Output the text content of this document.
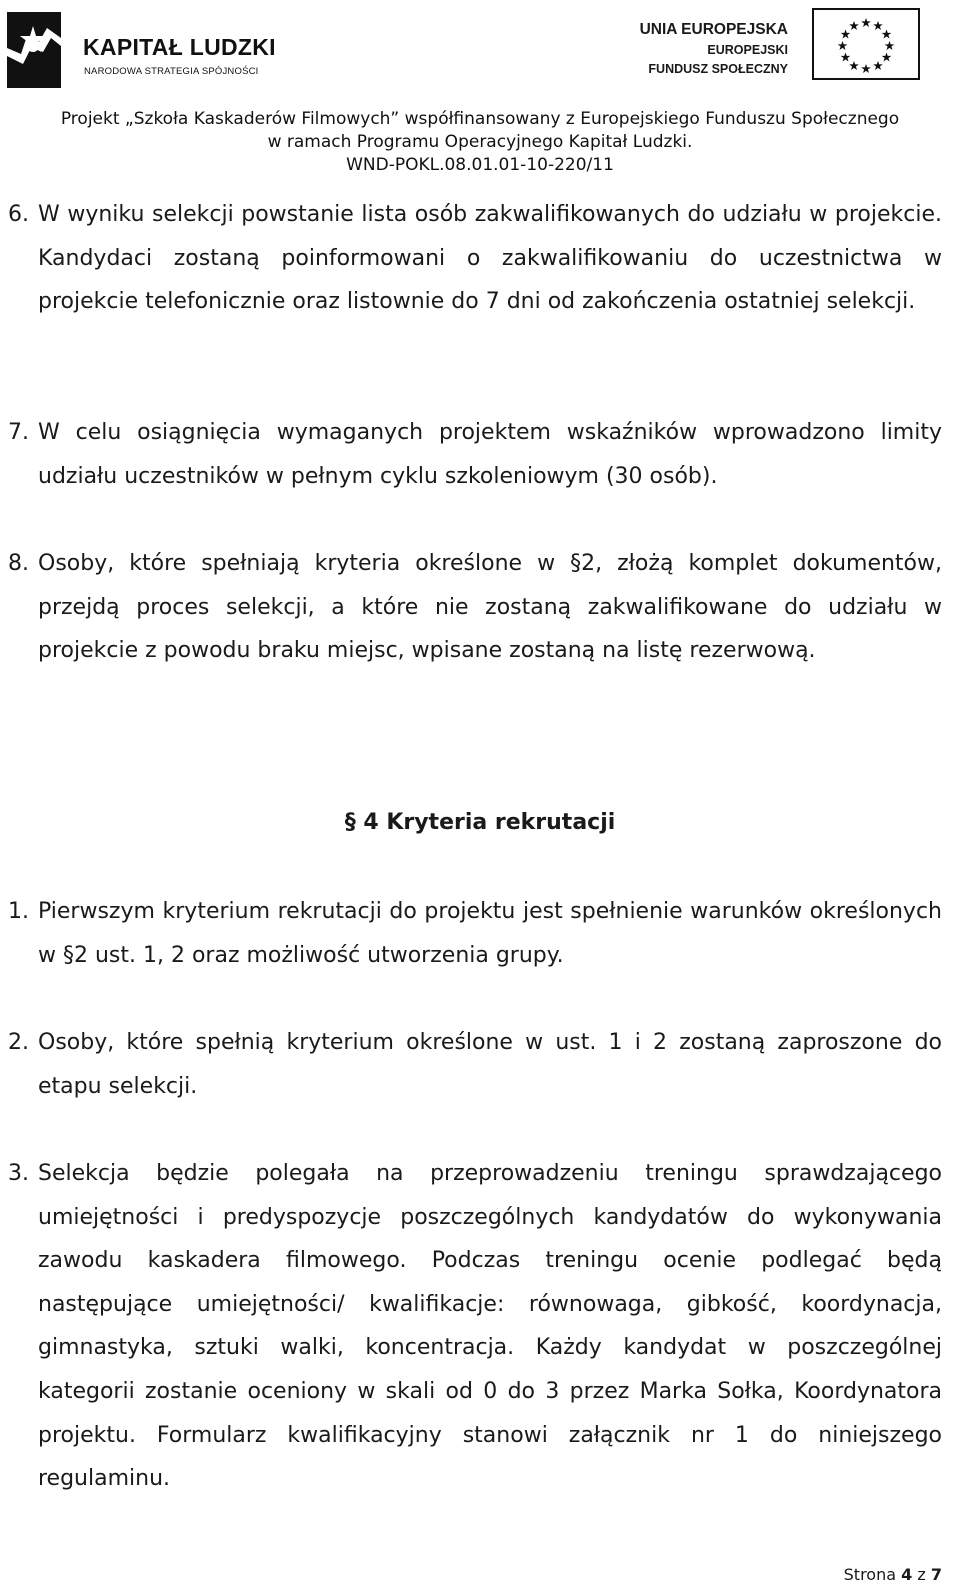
KAPITAŁ LUDZKI
NARODOWA STRATEGIA SPÓJNOŚCI
UNIA EUROPEJSKA
EUROPEJSKI
FUNDUSZ SPOŁECZNY
Projekt „Szkoła Kaskaderów Filmowych” współfinansowany z Europejskiego Funduszu Społecznego
w ramach Programu Operacyjnego Kapitał Ludzki.
WND-POKL.08.01.01-10-220/11
6. W wyniku selekcji powstanie lista osób zakwalifikowanych do udziału w projekcie. Kandydaci zostaną poinformowani o zakwalifikowaniu do uczestnictwa w projekcie telefonicznie oraz listownie do 7 dni od zakończenia ostatniej selekcji.
7. W celu osiągnięcia wymaganych projektem wskaźników wprowadzono limity udziału uczestników w pełnym cyklu szkoleniowym (30 osób).
8. Osoby, które spełniają kryteria określone w §2, złożą komplet dokumentów, przejdą proces selekcji, a które nie zostaną zakwalifikowane do udziału w projekcie z powodu braku miejsc, wpisane zostaną na listę rezerwową.
§ 4 Kryteria rekrutacji
1. Pierwszym kryterium rekrutacji do projektu jest spełnienie warunków określonych w §2 ust. 1, 2 oraz możliwość utworzenia grupy.
2. Osoby, które spełnią kryterium określone w ust. 1 i 2 zostaną zaproszone do etapu selekcji.
3. Selekcja będzie polegała na przeprowadzeniu treningu sprawdzającego umiejętności i predyspozycje poszczególnych kandydatów do wykonywania zawodu kaskadera filmowego. Podczas treningu ocenie podlegać będą następujące umiejętności/ kwalifikacje: równowaga, gibkość, koordynacja, gimnastyka, sztuki walki, koncentracja. Każdy kandydat w poszczególnej kategorii zostanie oceniony w skali od 0 do 3 przez Marka Sołka, Koordynatora projektu. Formularz kwalifikacyjny stanowi załącznik nr 1 do niniejszego regulaminu.
Strona 4 z 7
